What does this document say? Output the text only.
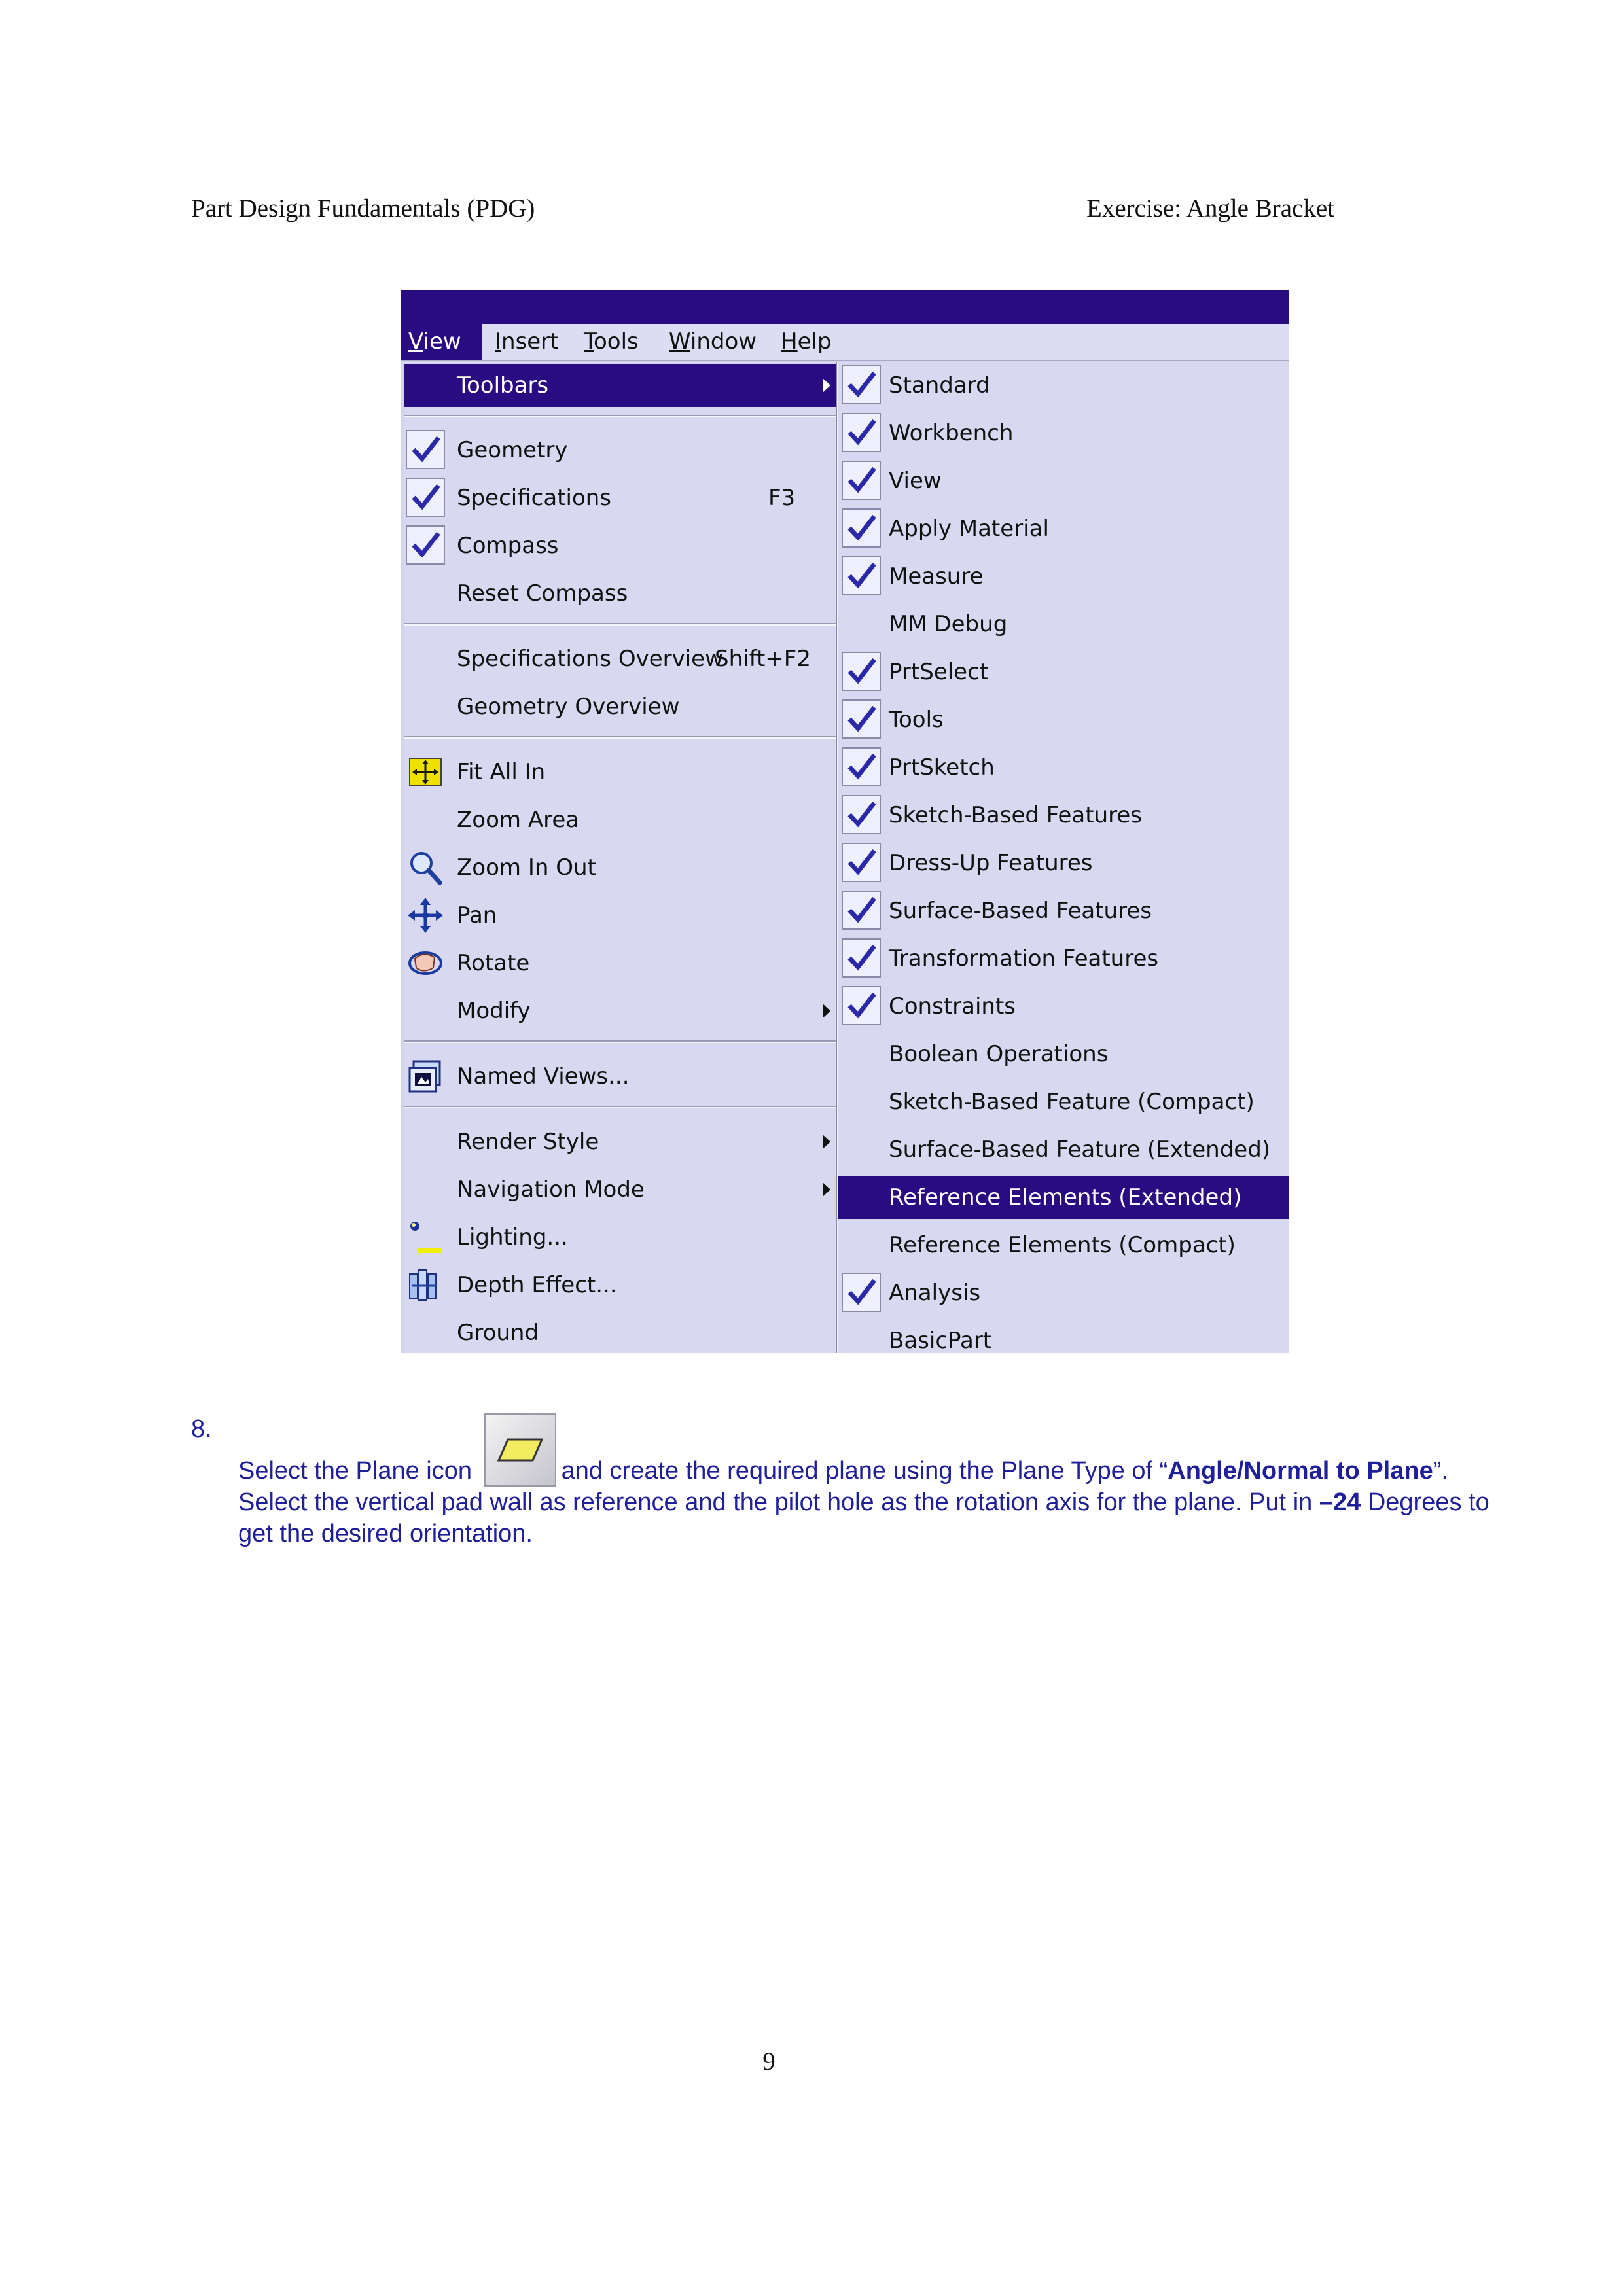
Part Design Fundamentals (PDG)	Exercise: Angle Bracket
View	Insert	Tools	Window	Help
Toolbars
Geometry
Specifications	F3
Compass
Reset Compass
Specifications Overview
Shift+F2
Geometry Overview
Fit All In
Zoom Area
Zoom In Out
Pan
Rotate
Modify
Named Views...
Render Style
Navigation Mode
Lighting...
Depth Effect...
Ground
Standard
Workbench
View
Apply Material
Measure
MM Debug
PrtSelect
Tools
PrtSketch
Sketch-Based Features
Dress-Up Features
Surface-Based Features
Transformation Features
Constraints
Boolean Operations
Sketch-Based Feature (Compact)
Surface-Based Feature (Extended)
Reference Elements (Extended)
Reference Elements (Compact)
Analysis
BasicPart
8.
Select the Plane icon	and create the required plane using the Plane Type of “Angle/Normal to Plane”. Select the vertical pad wall as reference and the pilot hole as the rotation axis for the plane. Put in –24 Degrees to get the desired orientation.
9
